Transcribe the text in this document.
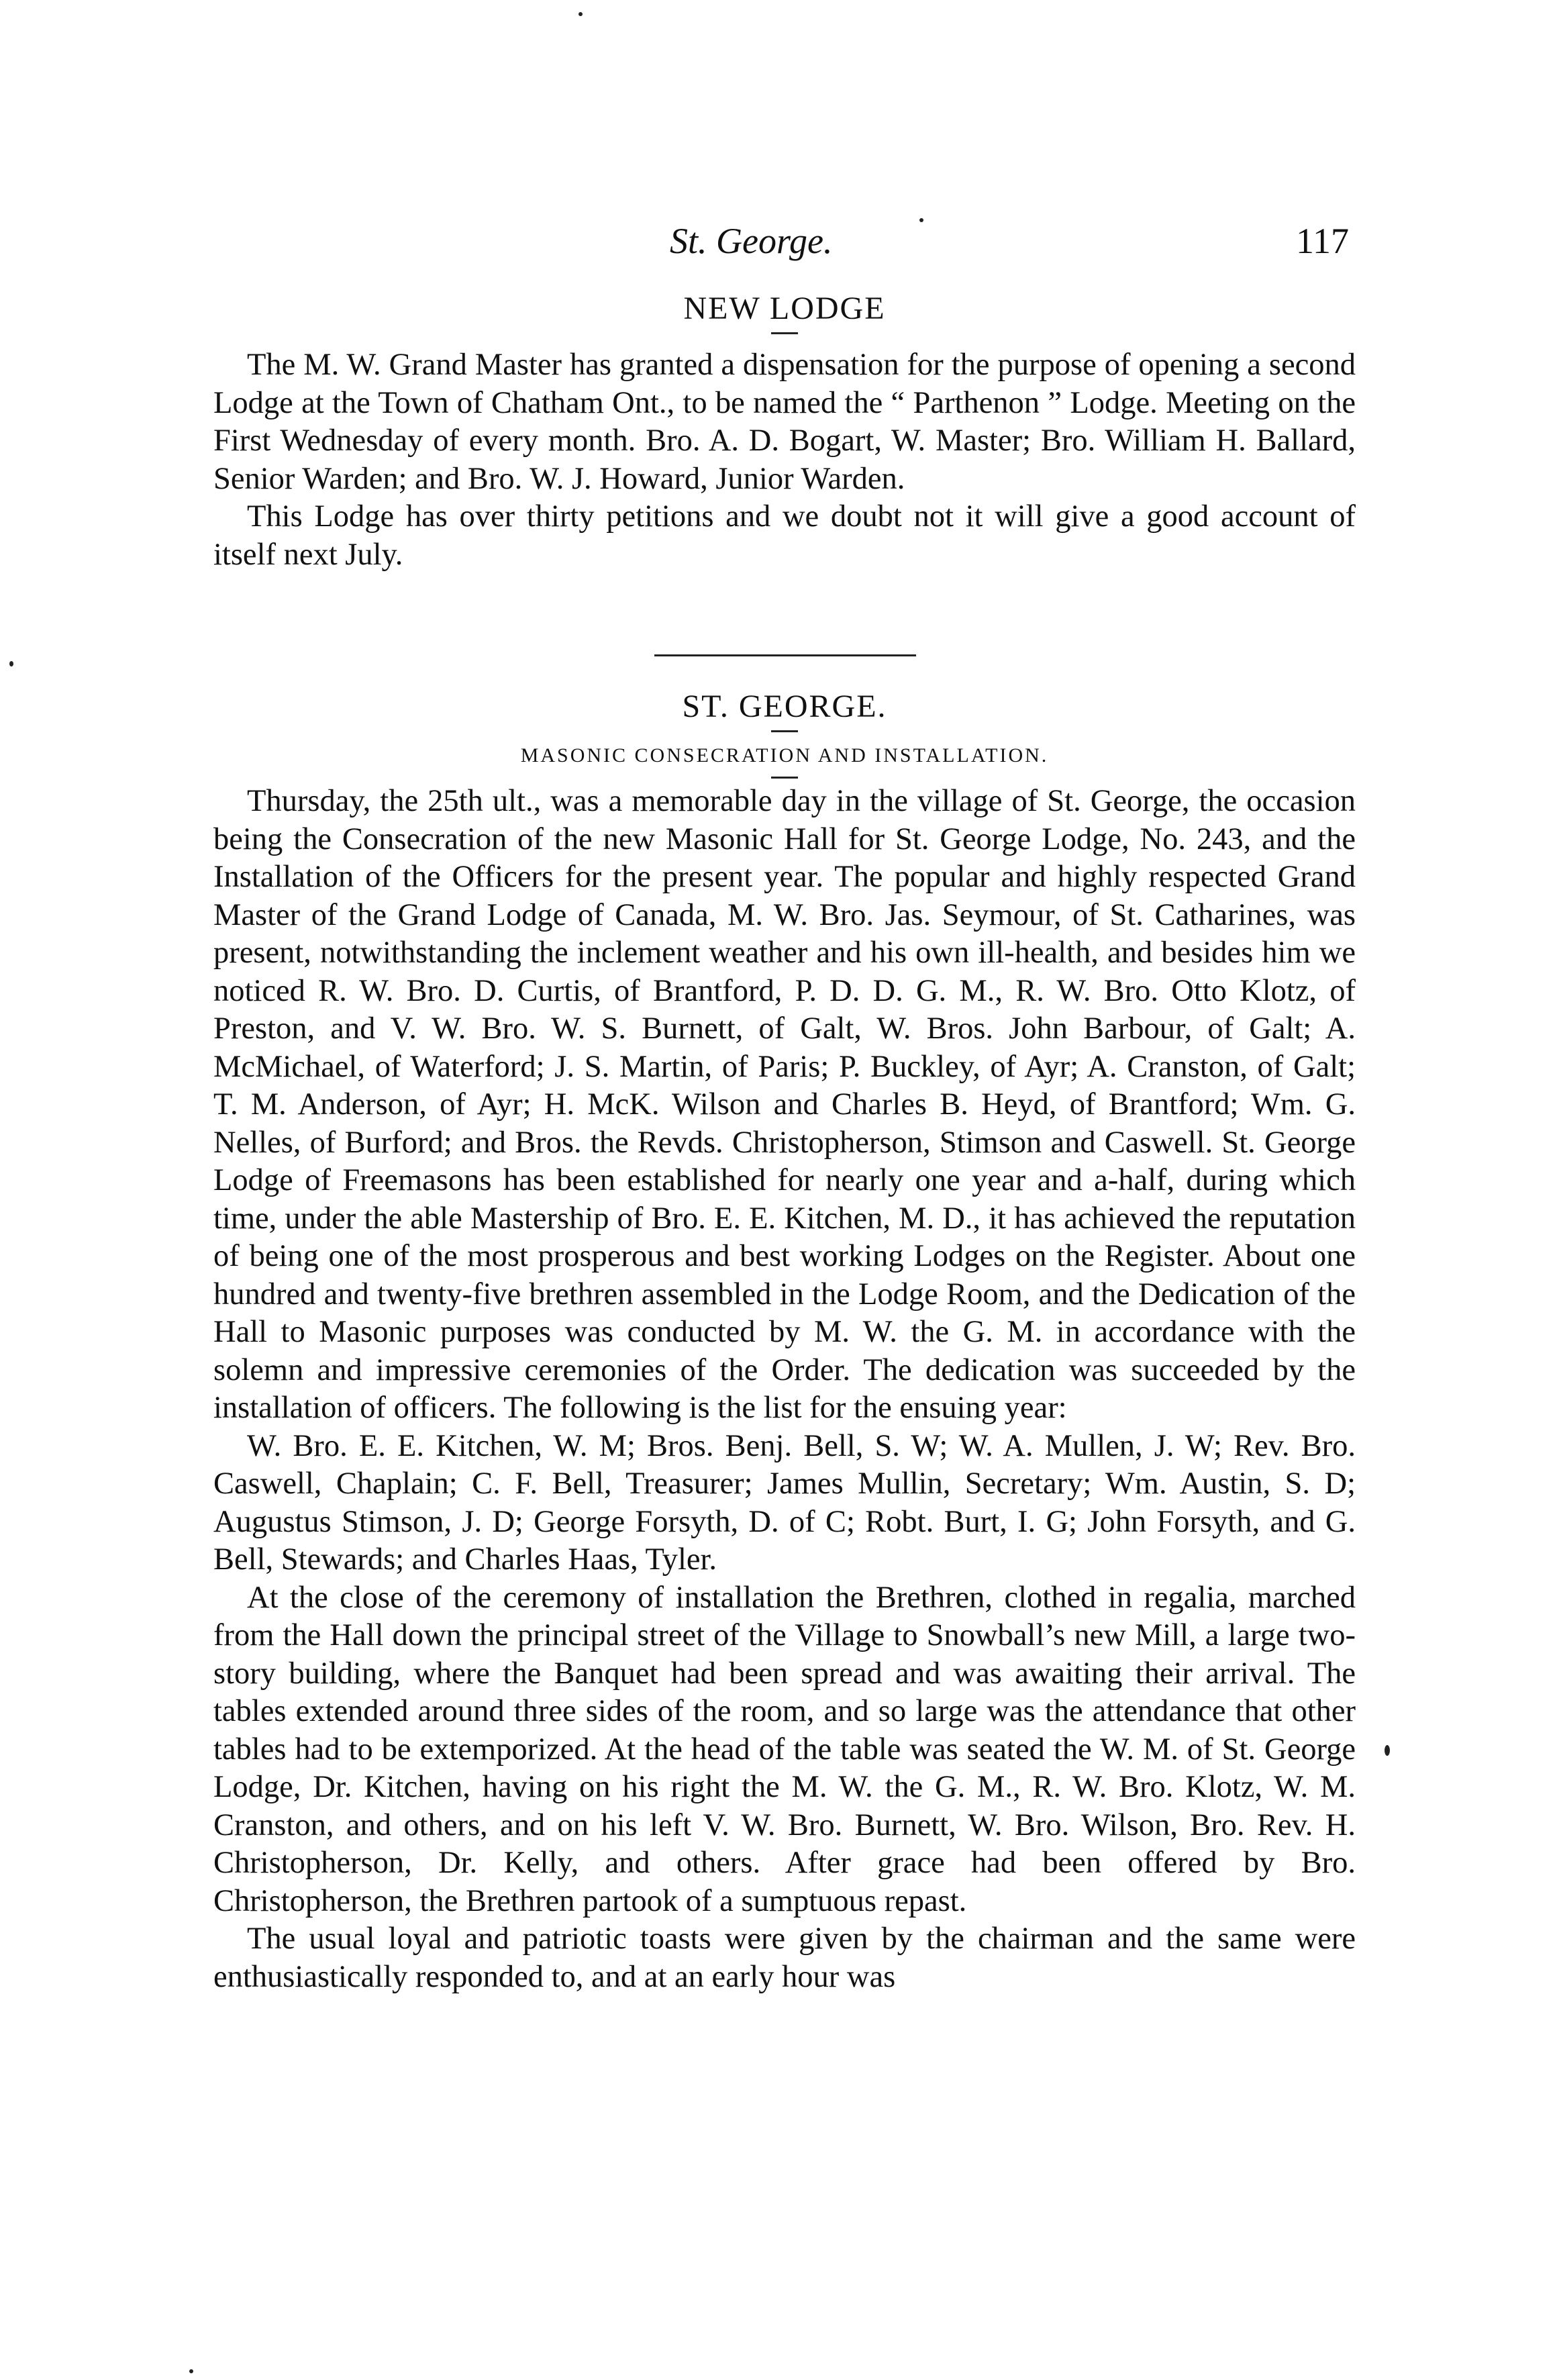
St. George.	117
NEW LODGE

The M. W. Grand Master has granted a dispensation for the purpose of opening a second Lodge at the Town of Chatham Ont., to be named the “ Parthenon ” Lodge. Meeting on the First Wednesday of every month. Bro. A. D. Bogart, W. Master; Bro. William H. Ballard, Senior Warden; and Bro. W. J. Howard, Junior Warden.

This Lodge has over thirty petitions and we doubt not it will give a good account of itself next July.

ST. GEORGE.
MASONIC CONSECRATION AND INSTALLATION.

Thursday, the 25th ult., was a memorable day in the village of St. George, the occasion being the Consecration of the new Masonic Hall for St. George Lodge, No. 243, and the Installation of the Officers for the present year. The popular and highly respected Grand Master of the Grand Lodge of Canada, M. W. Bro. Jas. Seymour, of St. Catharines, was present, notwithstanding the inclement weather and his own ill-health, and besides him we noticed R. W. Bro. D. Curtis, of Brantford, P. D. D. G. M., R. W. Bro. Otto Klotz, of Preston, and V. W. Bro. W. S. Burnett, of Galt, W. Bros. John Barbour, of Galt; A. McMichael, of Waterford; J. S. Martin, of Paris; P. Buckley, of Ayr; A. Cranston, of Galt; T. M. Anderson, of Ayr; H. McK. Wilson and Charles B. Heyd, of Brantford; Wm. G. Nelles, of Burford; and Bros. the Revds. Christopherson, Stimson and Caswell. St. George Lodge of Freemasons has been established for nearly one year and a-half, during which time, under the able Mastership of Bro. E. E. Kitchen, M. D., it has achieved the reputation of being one of the most prosperous and best working Lodges on the Register. About one hundred and twenty-five brethren assembled in the Lodge Room, and the Dedication of the Hall to Masonic purposes was conducted by M. W. the G. M. in accordance with the solemn and impressive ceremonies of the Order. The dedication was succeeded by the installation of officers. The following is the list for the ensuing year:

W. Bro. E. E. Kitchen, W. M; Bros. Benj. Bell, S. W; W. A. Mullen, J. W; Rev. Bro. Caswell, Chaplain; C. F. Bell, Treasurer; James Mullin, Secretary; Wm. Austin, S. D; Augustus Stimson, J. D; George Forsyth, D. of C; Robt. Burt, I. G; John Forsyth, and G. Bell, Stewards; and Charles Haas, Tyler.

At the close of the ceremony of installation the Brethren, clothed in regalia, marched from the Hall down the principal street of the Village to Snowball’s new Mill, a large two-story building, where the Banquet had been spread and was awaiting their arrival. The tables extended around three sides of the room, and so large was the attendance that other tables had to be extemporized. At the head of the table was seated the W. M. of St. George Lodge, Dr. Kitchen, having on his right the M. W. the G. M., R. W. Bro. Klotz, W. M. Cranston, and others, and on his left V. W. Bro. Burnett, W. Bro. Wilson, Bro. Rev. H. Christopherson, Dr. Kelly, and others. After grace had been offered by Bro. Christopherson, the Brethren partook of a sumptuous repast.

The usual loyal and patriotic toasts were given by the chairman and the same were enthusiastically responded to, and at an early hour was
